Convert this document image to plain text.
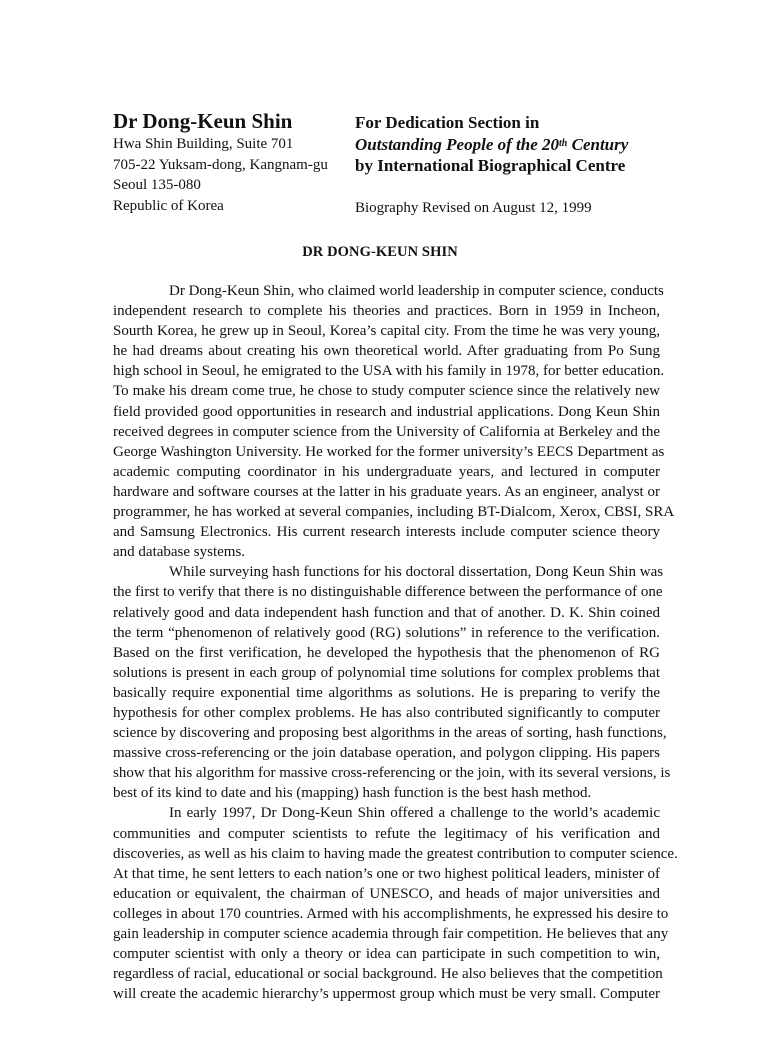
Dr Dong-Keun Shin

Hwa Shin Building, Suite 701

705-22 Yuksam-dong, Kangnam-gu

Seoul 135-080

Republic of Korea

For Dedication Section in

Outstanding People of the 20th Century

by International Biographical Centre

Biography Revised on August 12, 1999

DR DONG-KEUN SHIN
Dr Dong-Keun Shin, who claimed world leadership in computer science, conducts
independent research to complete his theories and practices. Born in 1959 in Incheon,
Sourth Korea, he grew up in Seoul, Korea’s capital city. From the time he was very young,
he had dreams about creating his own theoretical world. After graduating from Po Sung
high school in Seoul, he emigrated to the USA with his family in 1978, for better education.
To make his dream come true, he chose to study computer science since the relatively new
field provided good opportunities in research and industrial applications. Dong Keun Shin
received degrees in computer science from the University of California at Berkeley and the
George Washington University. He worked for the former university’s EECS Department as
academic computing coordinator in his undergraduate years, and lectured in computer
hardware and software courses at the latter in his graduate years. As an engineer, analyst or
programmer, he has worked at several companies, including BT-Dialcom, Xerox, CBSI, SRA
and Samsung Electronics. His current research interests include computer science theory
and database systems.
While surveying hash functions for his doctoral dissertation, Dong Keun Shin was
the first to verify that there is no distinguishable difference between the performance of one
relatively good and data independent hash function and that of another. D. K. Shin coined
the term “phenomenon of relatively good (RG) solutions” in reference to the verification.
Based on the first verification, he developed the hypothesis that the phenomenon of RG
solutions is present in each group of polynomial time solutions for complex problems that
basically require exponential time algorithms as solutions. He is preparing to verify the
hypothesis for other complex problems. He has also contributed significantly to computer
science by discovering and proposing best algorithms in the areas of sorting, hash functions,
massive cross-referencing or the join database operation, and polygon clipping. His papers
show that his algorithm for massive cross-referencing or the join, with its several versions, is
best of its kind to date and his (mapping) hash function is the best hash method.
In early 1997, Dr Dong-Keun Shin offered a challenge to the world’s academic
communities and computer scientists to refute the legitimacy of his verification and
discoveries, as well as his claim to having made the greatest contribution to computer science.
At that time, he sent letters to each nation’s one or two highest political leaders, minister of
education or equivalent, the chairman of UNESCO, and heads of major universities and
colleges in about 170 countries. Armed with his accomplishments, he expressed his desire to
gain leadership in computer science academia through fair competition. He believes that any
computer scientist with only a theory or idea can participate in such competition to win,
regardless of racial, educational or social background. He also believes that the competition
will create the academic hierarchy’s uppermost group which must be very small. Computer
